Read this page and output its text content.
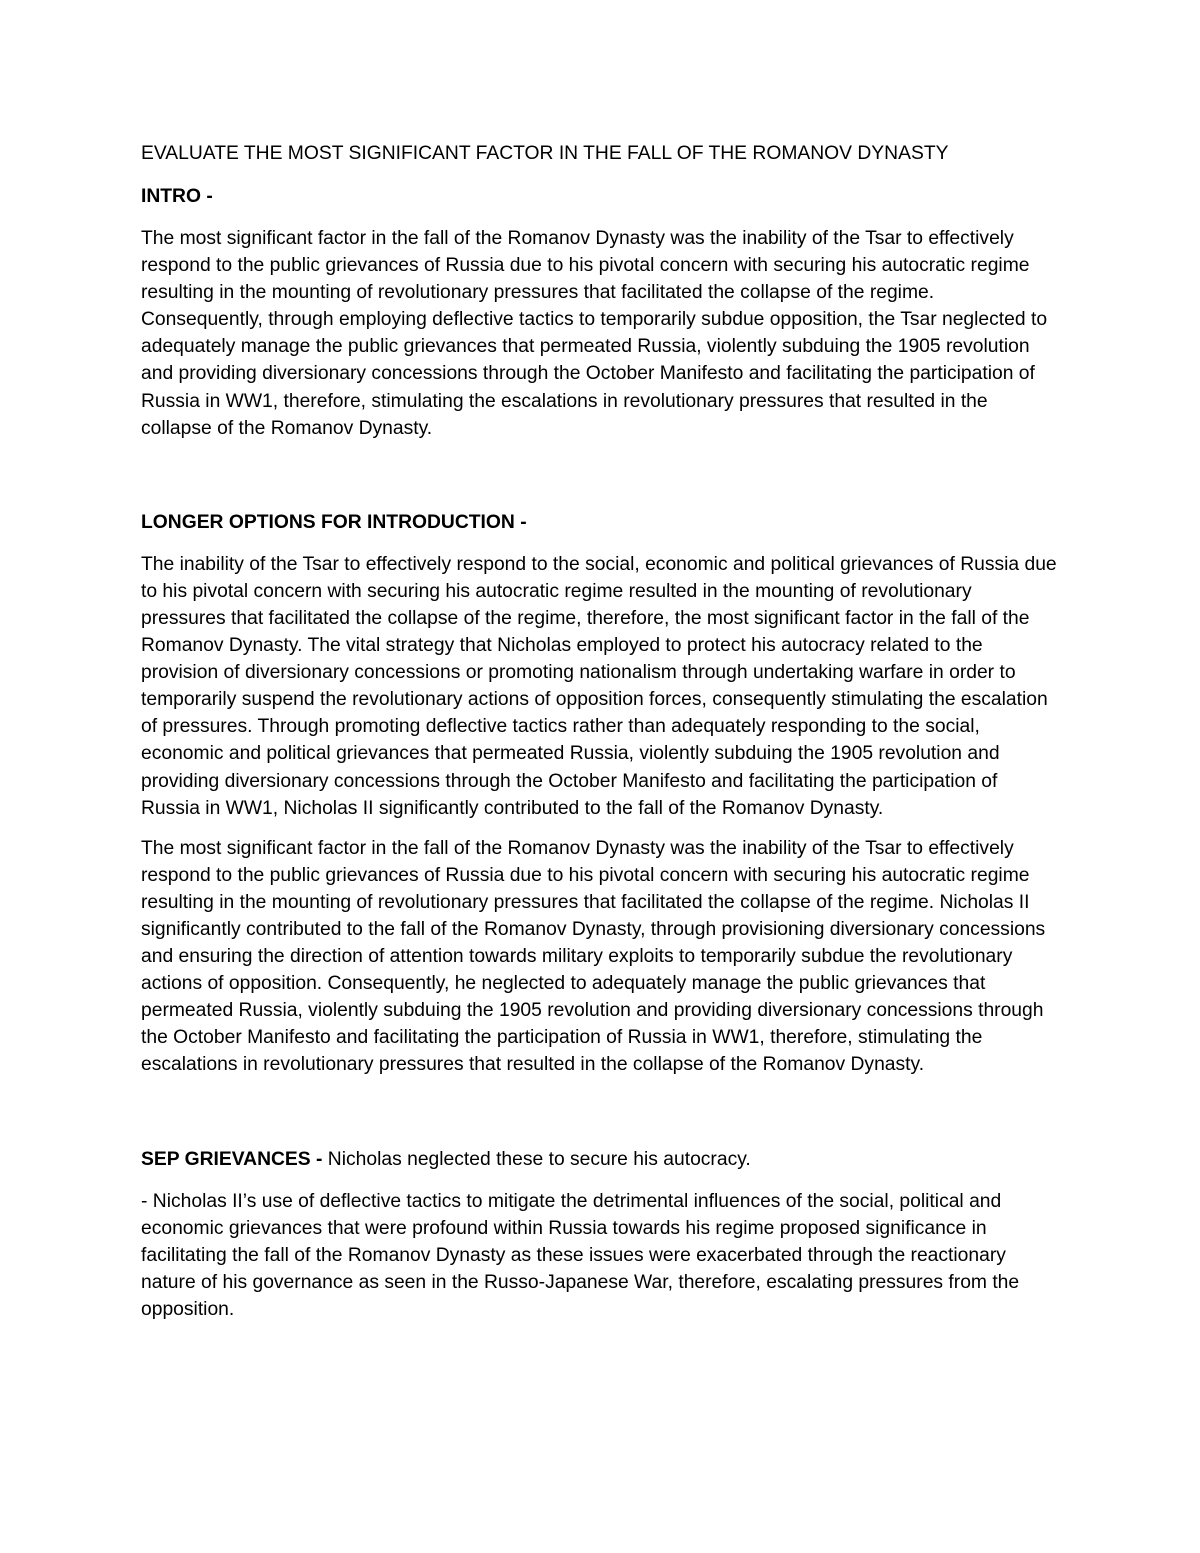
EVALUATE THE MOST SIGNIFICANT FACTOR IN THE FALL OF THE ROMANOV DYNASTY
INTRO -

The most significant factor in the fall of the Romanov Dynasty was the inability of the Tsar to effectively respond to the public grievances of Russia due to his pivotal concern with securing his autocratic regime resulting in the mounting of revolutionary pressures that facilitated the collapse of the regime. Consequently, through employing deflective tactics to temporarily subdue opposition, the Tsar neglected to adequately manage the public grievances that permeated Russia, violently subduing the 1905 revolution and providing diversionary concessions through the October Manifesto and facilitating the participation of Russia in WW1, therefore, stimulating the escalations in revolutionary pressures that resulted in the collapse of the Romanov Dynasty.

LONGER OPTIONS FOR INTRODUCTION -

The inability of the Tsar to effectively respond to the social, economic and political grievances of Russia due to his pivotal concern with securing his autocratic regime resulted in the mounting of revolutionary pressures that facilitated the collapse of the regime, therefore, the most significant factor in the fall of the Romanov Dynasty. The vital strategy that Nicholas employed to protect his autocracy related to the provision of diversionary concessions or promoting nationalism through undertaking warfare in order to temporarily suspend the revolutionary actions of opposition forces, consequently stimulating the escalation of pressures. Through promoting deflective tactics rather than adequately responding to the social, economic and political grievances that permeated Russia, violently subduing the 1905 revolution and providing diversionary concessions through the October Manifesto and facilitating the participation of Russia in WW1, Nicholas II significantly contributed to the fall of the Romanov Dynasty.

The most significant factor in the fall of the Romanov Dynasty was the inability of the Tsar to effectively respond to the public grievances of Russia due to his pivotal concern with securing his autocratic regime resulting in the mounting of revolutionary pressures that facilitated the collapse of the regime. Nicholas II significantly contributed to the fall of the Romanov Dynasty, through provisioning diversionary concessions and ensuring the direction of attention towards military exploits to temporarily subdue the revolutionary actions of opposition. Consequently, he neglected to adequately manage the public grievances that permeated Russia, violently subduing the 1905 revolution and providing diversionary concessions through the October Manifesto and facilitating the participation of Russia in WW1, therefore, stimulating the escalations in revolutionary pressures that resulted in the collapse of the Romanov Dynasty.

SEP GRIEVANCES - Nicholas neglected these to secure his autocracy.

- Nicholas II’s use of deflective tactics to mitigate the detrimental influences of the social, political and economic grievances that were profound within Russia towards his regime proposed significance in facilitating the fall of the Romanov Dynasty as these issues were exacerbated through the reactionary nature of his governance as seen in the Russo-Japanese War, therefore, escalating pressures from the opposition.
